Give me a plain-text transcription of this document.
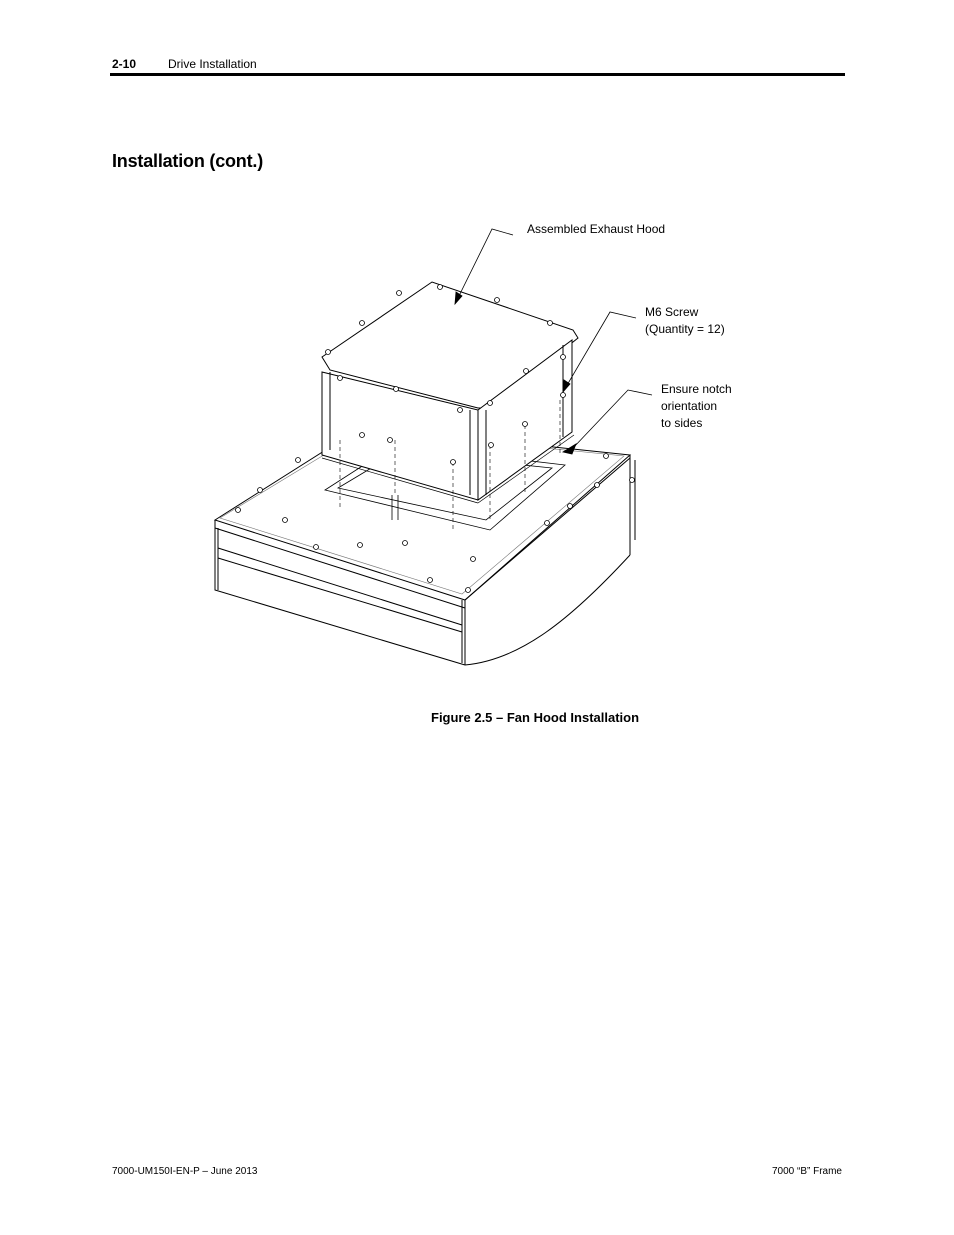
2-10	Drive Installation
Installation (cont.)
Assembled Exhaust Hood
M6 Screw
(Quantity = 12)
Ensure notch
orientation
to sides
Figure 2.5 – Fan Hood Installation
7000-UM150I-EN-P – June 2013	7000 “B” Frame
